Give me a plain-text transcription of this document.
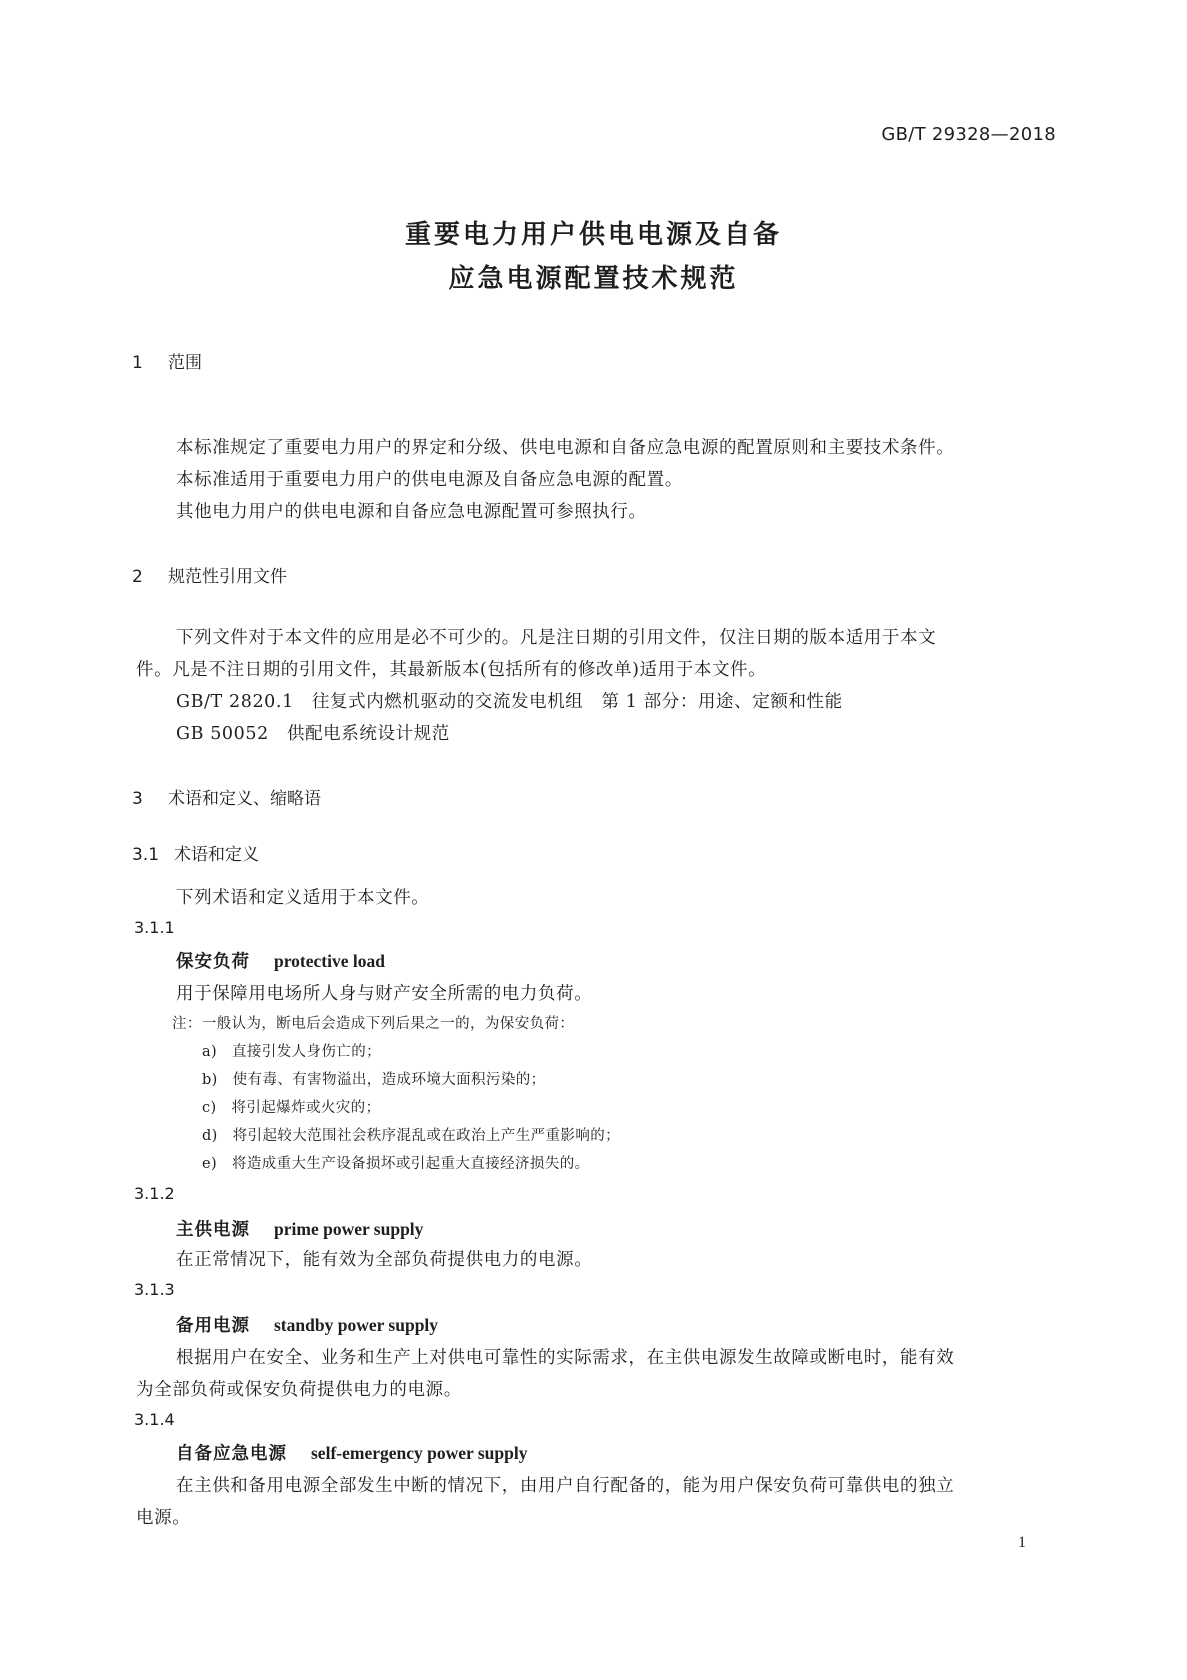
GB/T 29328—2018
重要电力用户供电电源及自备
应急电源配置技术规范
1 范围
本标准规定了重要电力用户的界定和分级、供电电源和自备应急电源的配置原则和主要技术条件。
本标准适用于重要电力用户的供电电源及自备应急电源的配置。
其他电力用户的供电电源和自备应急电源配置可参照执行。
2 规范性引用文件
下列文件对于本文件的应用是必不可少的。凡是注日期的引用文件，仅注日期的版本适用于本文
件。凡是不注日期的引用文件，其最新版本(包括所有的修改单)适用于本文件。
GB/T 2820.1　往复式内燃机驱动的交流发电机组　第 1 部分：用途、定额和性能
GB 50052　供配电系统设计规范
3 术语和定义、缩略语
3.1 术语和定义
下列术语和定义适用于本文件。
3.1.1
保安负荷 protective load
用于保障用电场所人身与财产安全所需的电力负荷。
注：一般认为，断电后会造成下列后果之一的，为保安负荷：
a)　直接引发人身伤亡的；
b)　使有毒、有害物溢出，造成环境大面积污染的；
c)　将引起爆炸或火灾的；
d)　将引起较大范围社会秩序混乱或在政治上产生严重影响的；
e)　将造成重大生产设备损坏或引起重大直接经济损失的。
3.1.2
主供电源 prime power supply
在正常情况下，能有效为全部负荷提供电力的电源。
3.1.3
备用电源 standby power supply
根据用户在安全、业务和生产上对供电可靠性的实际需求，在主供电源发生故障或断电时，能有效
为全部负荷或保安负荷提供电力的电源。
3.1.4
自备应急电源 self-emergency power supply
在主供和备用电源全部发生中断的情况下，由用户自行配备的，能为用户保安负荷可靠供电的独立
电源。
1
